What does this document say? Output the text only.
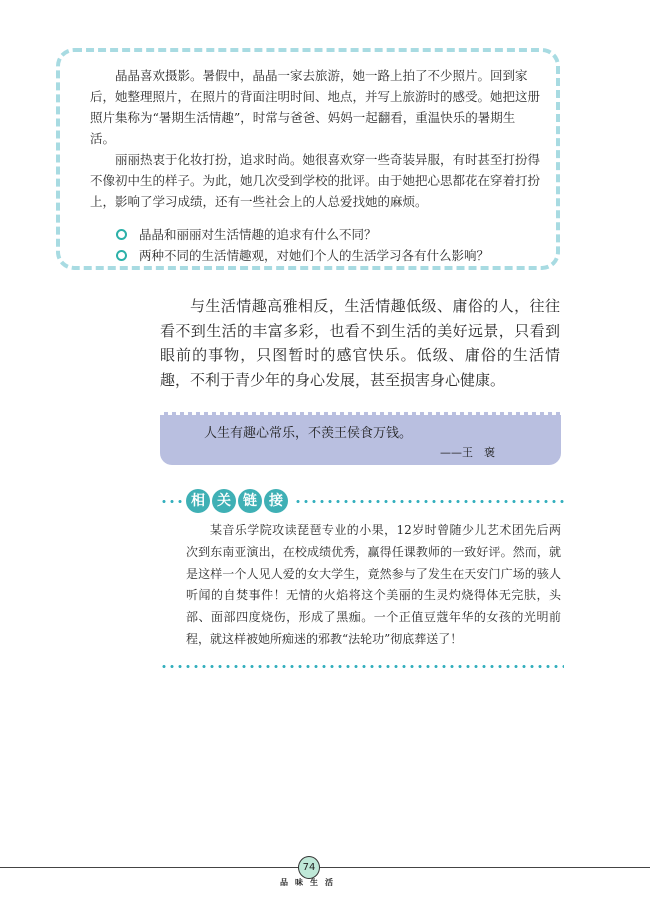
晶晶喜欢摄影。暑假中，晶晶一家去旅游，她一路上拍了不少照片。回到家后，她整理照片，在照片的背面注明时间、地点，并写上旅游时的感受。她把这册照片集称为“暑期生活情趣”，时常与爸爸、妈妈一起翻看，重温快乐的暑期生活。

丽丽热衷于化妆打扮，追求时尚。她很喜欢穿一些奇装异服，有时甚至打扮得不像初中生的样子。为此，她几次受到学校的批评。由于她把心思都花在穿着打扮上，影响了学习成绩，还有一些社会上的人总爱找她的麻烦。

晶晶和丽丽对生活情趣的追求有什么不同？
两种不同的生活情趣观，对她们个人的生活学习各有什么影响？

与生活情趣高雅相反，生活情趣低级、庸俗的人，往往看不到生活的丰富多彩，也看不到生活的美好远景，只看到眼前的事物，只图暂时的感官快乐。低级、庸俗的生活情趣，不利于青少年的身心发展，甚至损害身心健康。

人生有趣心常乐，不羡王侯食万钱。
——王　褒
相 关 链 接

某音乐学院攻读琵琶专业的小果，12岁时曾随少儿艺术团先后两次到东南亚演出，在校成绩优秀，赢得任课教师的一致好评。然而，就是这样一个人见人爱的女大学生，竟然参与了发生在天安门广场的骇人听闻的自焚事件！无情的火焰将这个美丽的生灵灼烧得体无完肤，头部、面部四度烧伤，形成了黑痂。一个正值豆蔻年华的女孩的光明前程，就这样被她所痴迷的邪教“法轮功”彻底葬送了！

74
品味生活
